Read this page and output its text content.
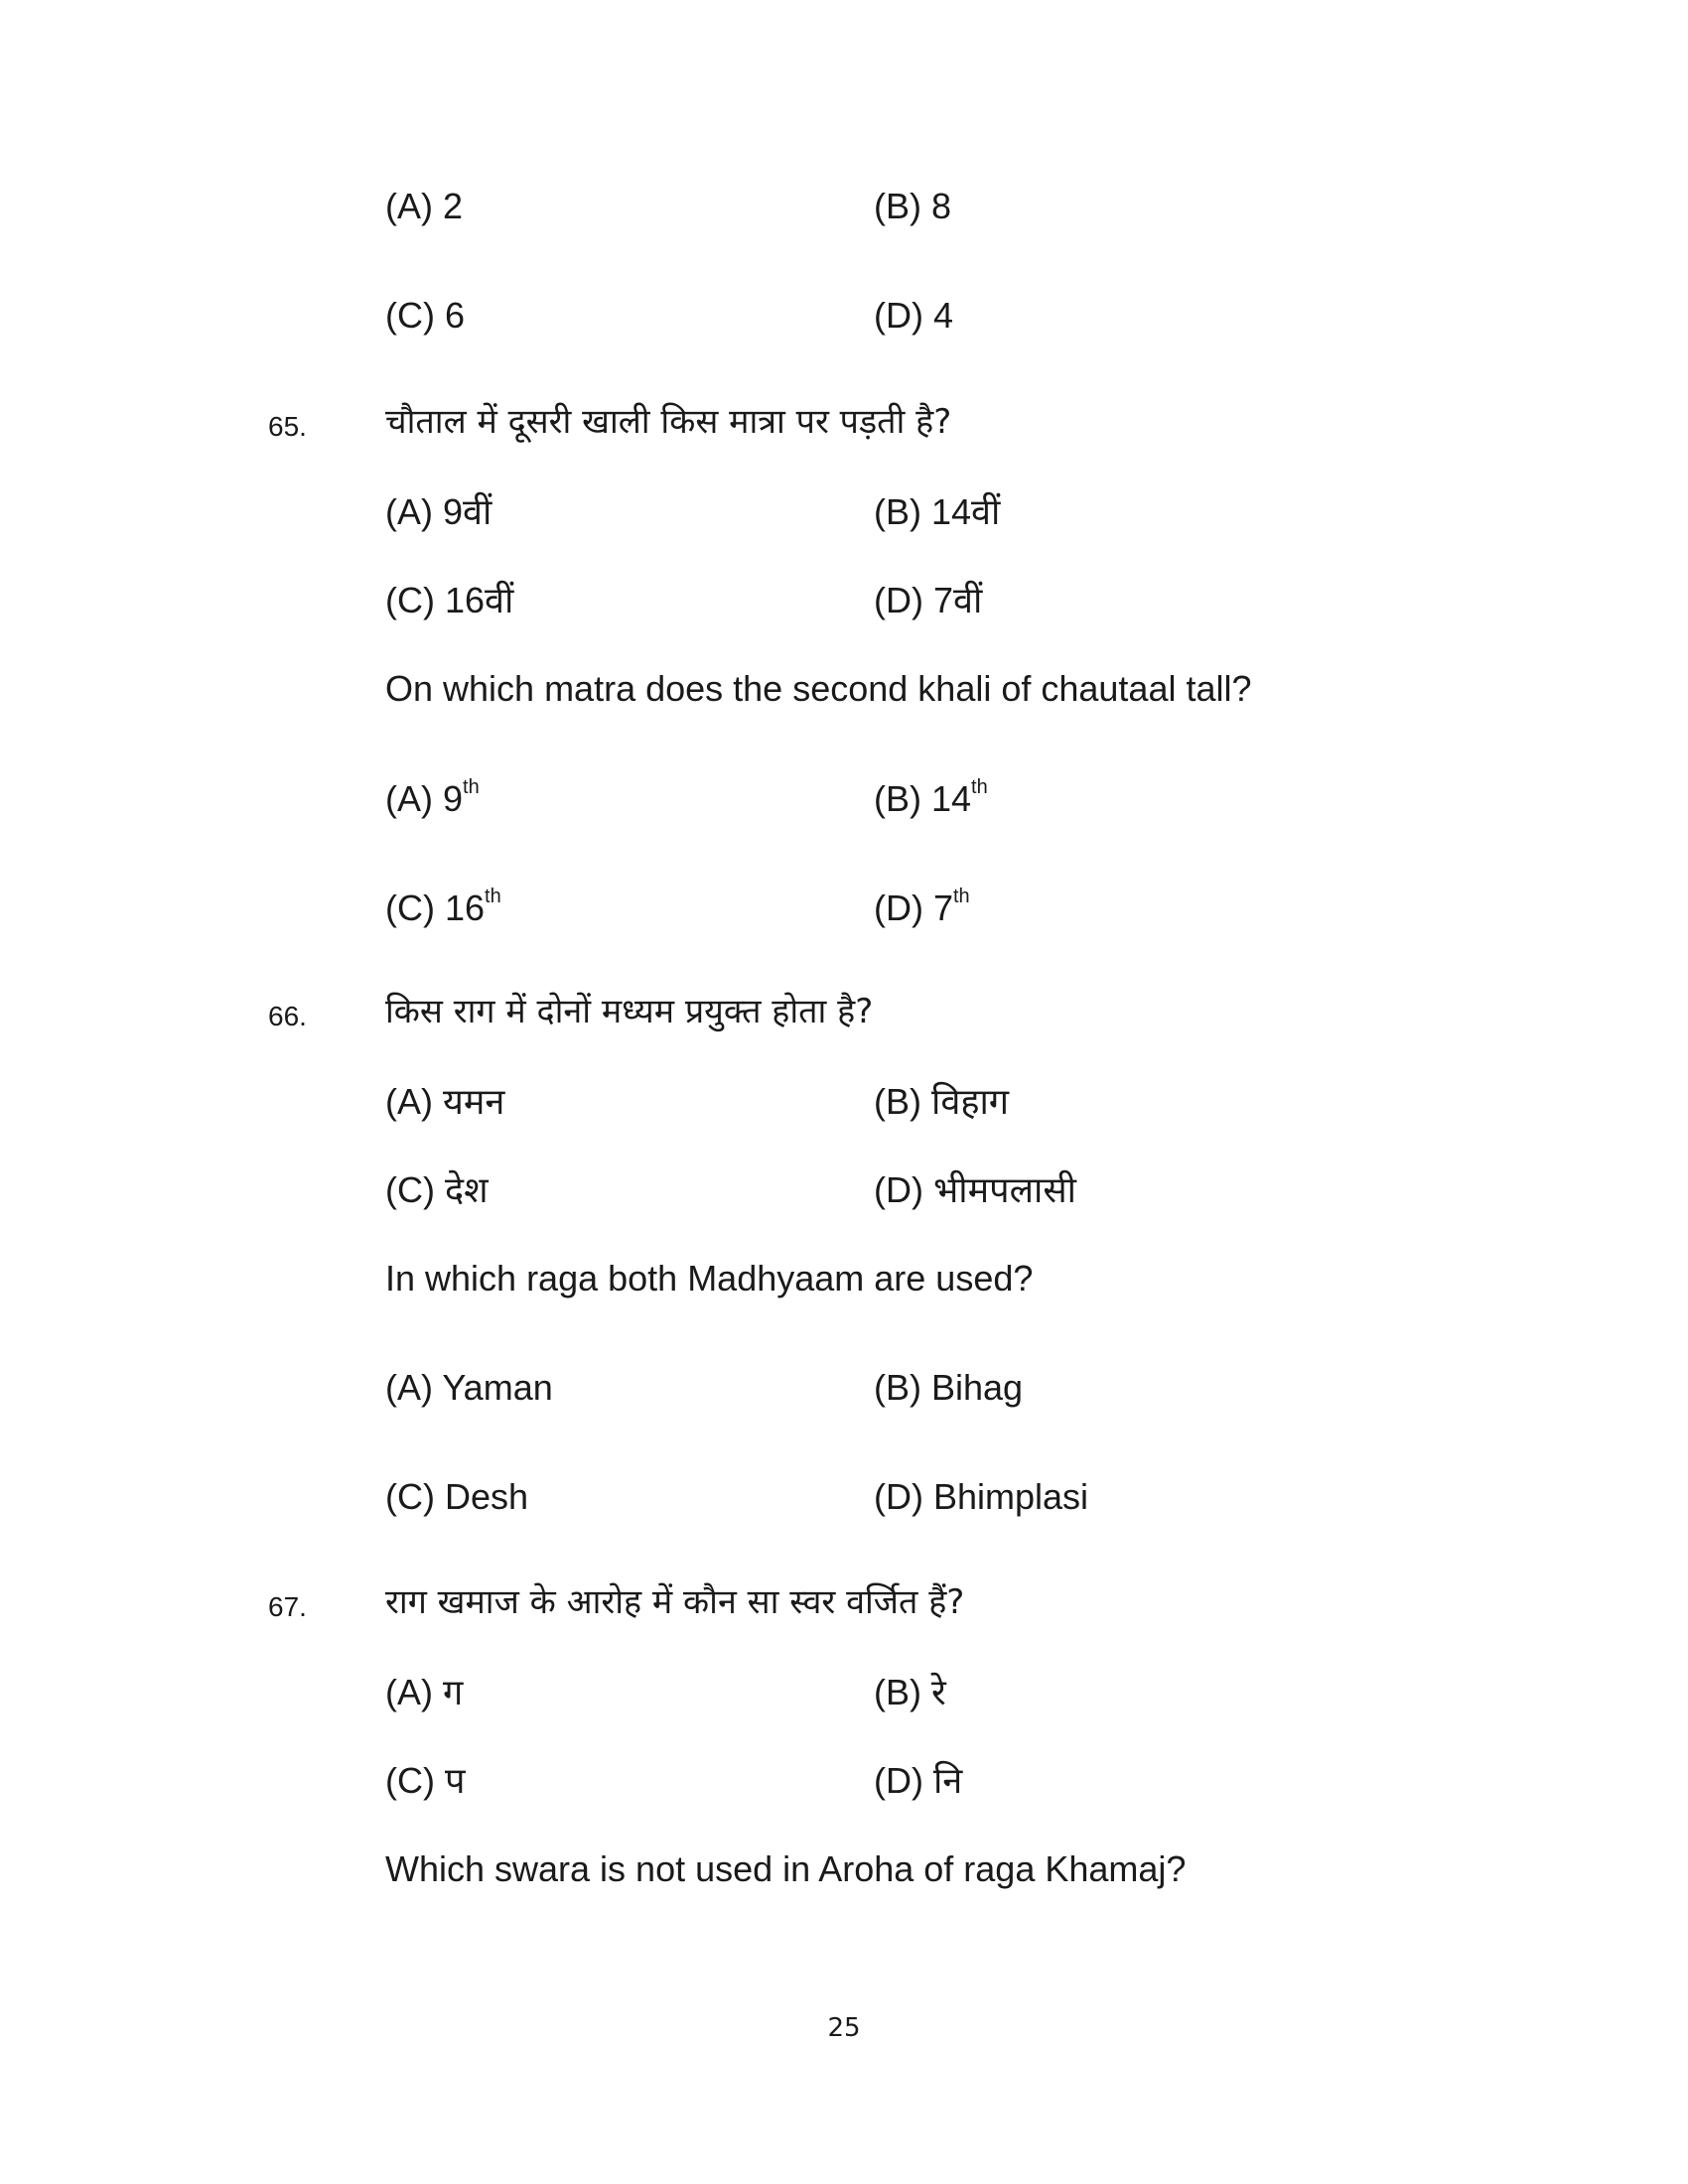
(A) 2	(B) 8
(C) 6	(D) 4
65. चौताल में दूसरी खाली किस मात्रा पर पड़ती है?
(A) 9वीं	(B) 14वीं
(C) 16वीं	(D) 7वीं
On which matra does the second khali of chautaal tall?
(A) 9th	(B) 14th
(C) 16th	(D) 7th
66. किस राग में दोनों मध्यम प्रयुक्त होता है?
(A) यमन	(B) विहाग
(C) देश	(D) भीमपलासी
In which raga both Madhyaam are used?
(A) Yaman	(B) Bihag
(C) Desh	(D) Bhimplasi
67. राग खमाज के आरोह में कौन सा स्वर वर्जित हैं?
(A) ग	(B) रे
(C) प	(D) नि
Which swara is not used in Aroha of raga Khamaj?
25
